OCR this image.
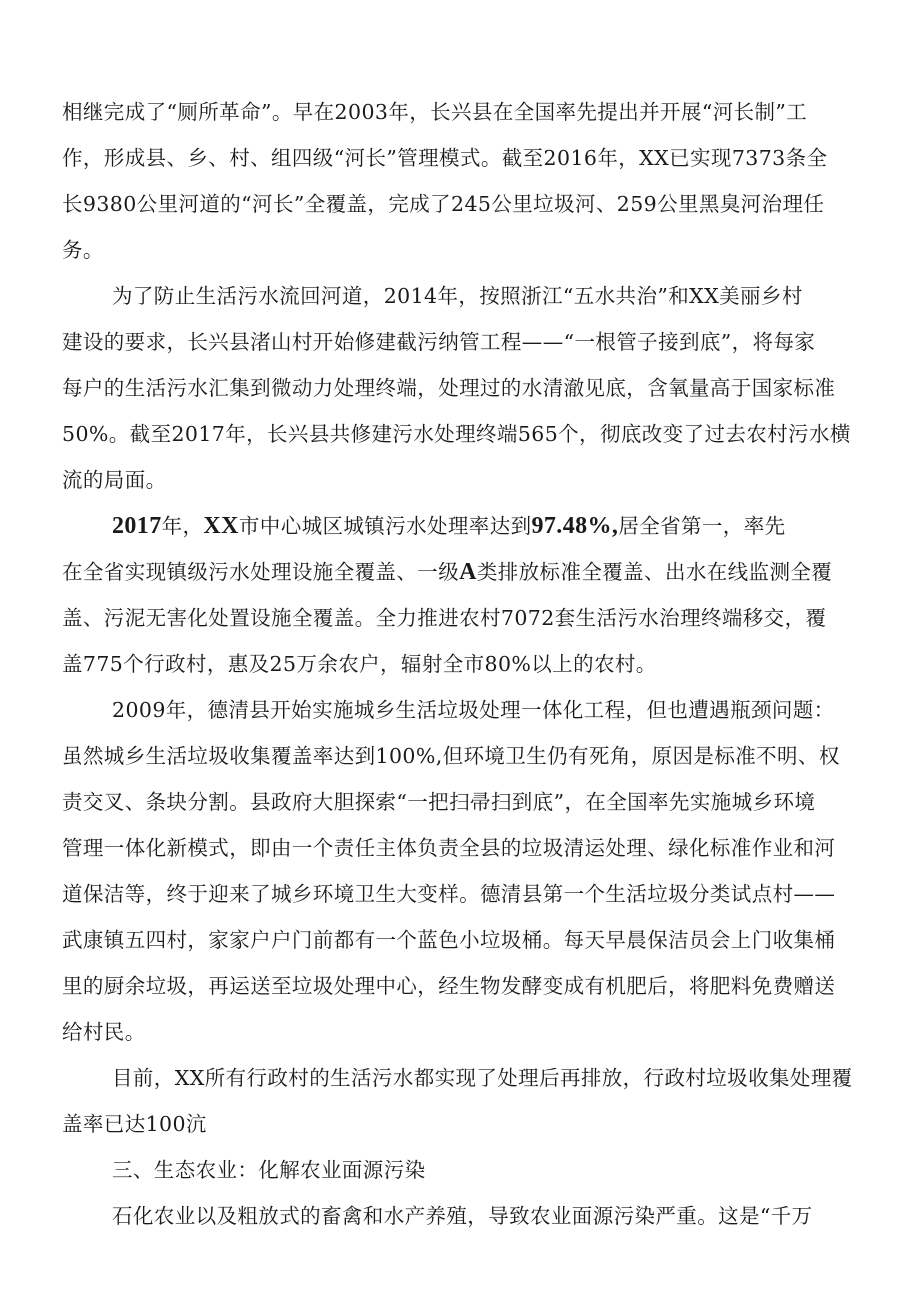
相继完成了“厕所革命”。早在2003年，长兴县在全国率先提出并开展“河长制”工
作，形成县、乡、村、组四级“河长”管理模式。截至2016年，XX已实现7373条全
长9380公里河道的“河长”全覆盖，完成了245公里垃圾河、259公里黑臭河治理任
务。
为了防止生活污水流回河道，2014年，按照浙江“五水共治”和XX美丽乡村
建设的要求，长兴县渚山村开始修建截污纳管工程——“一根管子接到底”，将每家
每户的生活污水汇集到微动力处理终端，处理过的水清澈见底，含氧量高于国家标准
50%。截至2017年，长兴县共修建污水处理终端565个，彻底改变了过去农村污水横
流的局面。
2017年，XX市中心城区城镇污水处理率达到97.48%,居全省第一，率先
在全省实现镇级污水处理设施全覆盖、一级A类排放标准全覆盖、出水在线监测全覆
盖、污泥无害化处置设施全覆盖。全力推进农村7072套生活污水治理终端移交，覆
盖775个行政村，惠及25万余农户，辐射全市80%以上的农村。
2009年，德清县开始实施城乡生活垃圾处理一体化工程，但也遭遇瓶颈问题：
虽然城乡生活垃圾收集覆盖率达到100%,但环境卫生仍有死角，原因是标准不明、权
责交叉、条块分割。县政府大胆探索“一把扫帚扫到底”，在全国率先实施城乡环境
管理一体化新模式，即由一个责任主体负责全县的垃圾清运处理、绿化标准作业和河
道保洁等，终于迎来了城乡环境卫生大变样。德清县第一个生活垃圾分类试点村——
武康镇五四村，家家户户门前都有一个蓝色小垃圾桶。每天早晨保洁员会上门收集桶
里的厨余垃圾，再运送至垃圾处理中心，经生物发酵变成有机肥后，将肥料免费赠送
给村民。
目前，XX所有行政村的生活污水都实现了处理后再排放，行政村垃圾收集处理覆
盖率已达100沆
三、生态农业：化解农业面源污染
石化农业以及粗放式的畜禽和水产养殖，导致农业面源污染严重。这是“千万
